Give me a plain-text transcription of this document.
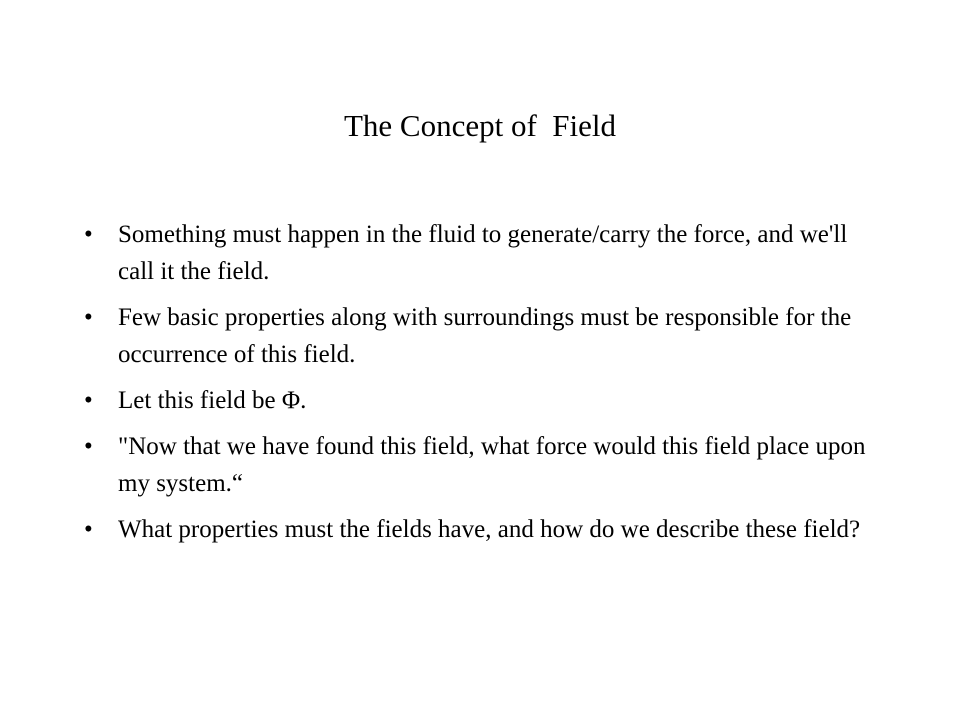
The Concept of  Field
• Something must happen in the fluid to generate/carry the force, and we'll call it the field.
• Few basic properties along with surroundings must be responsible for the occurrence of this field.
• Let this field be Φ.
• "Now that we have found this field, what force would this field place upon my system.“
• What properties must the fields have, and how do we describe these field?
